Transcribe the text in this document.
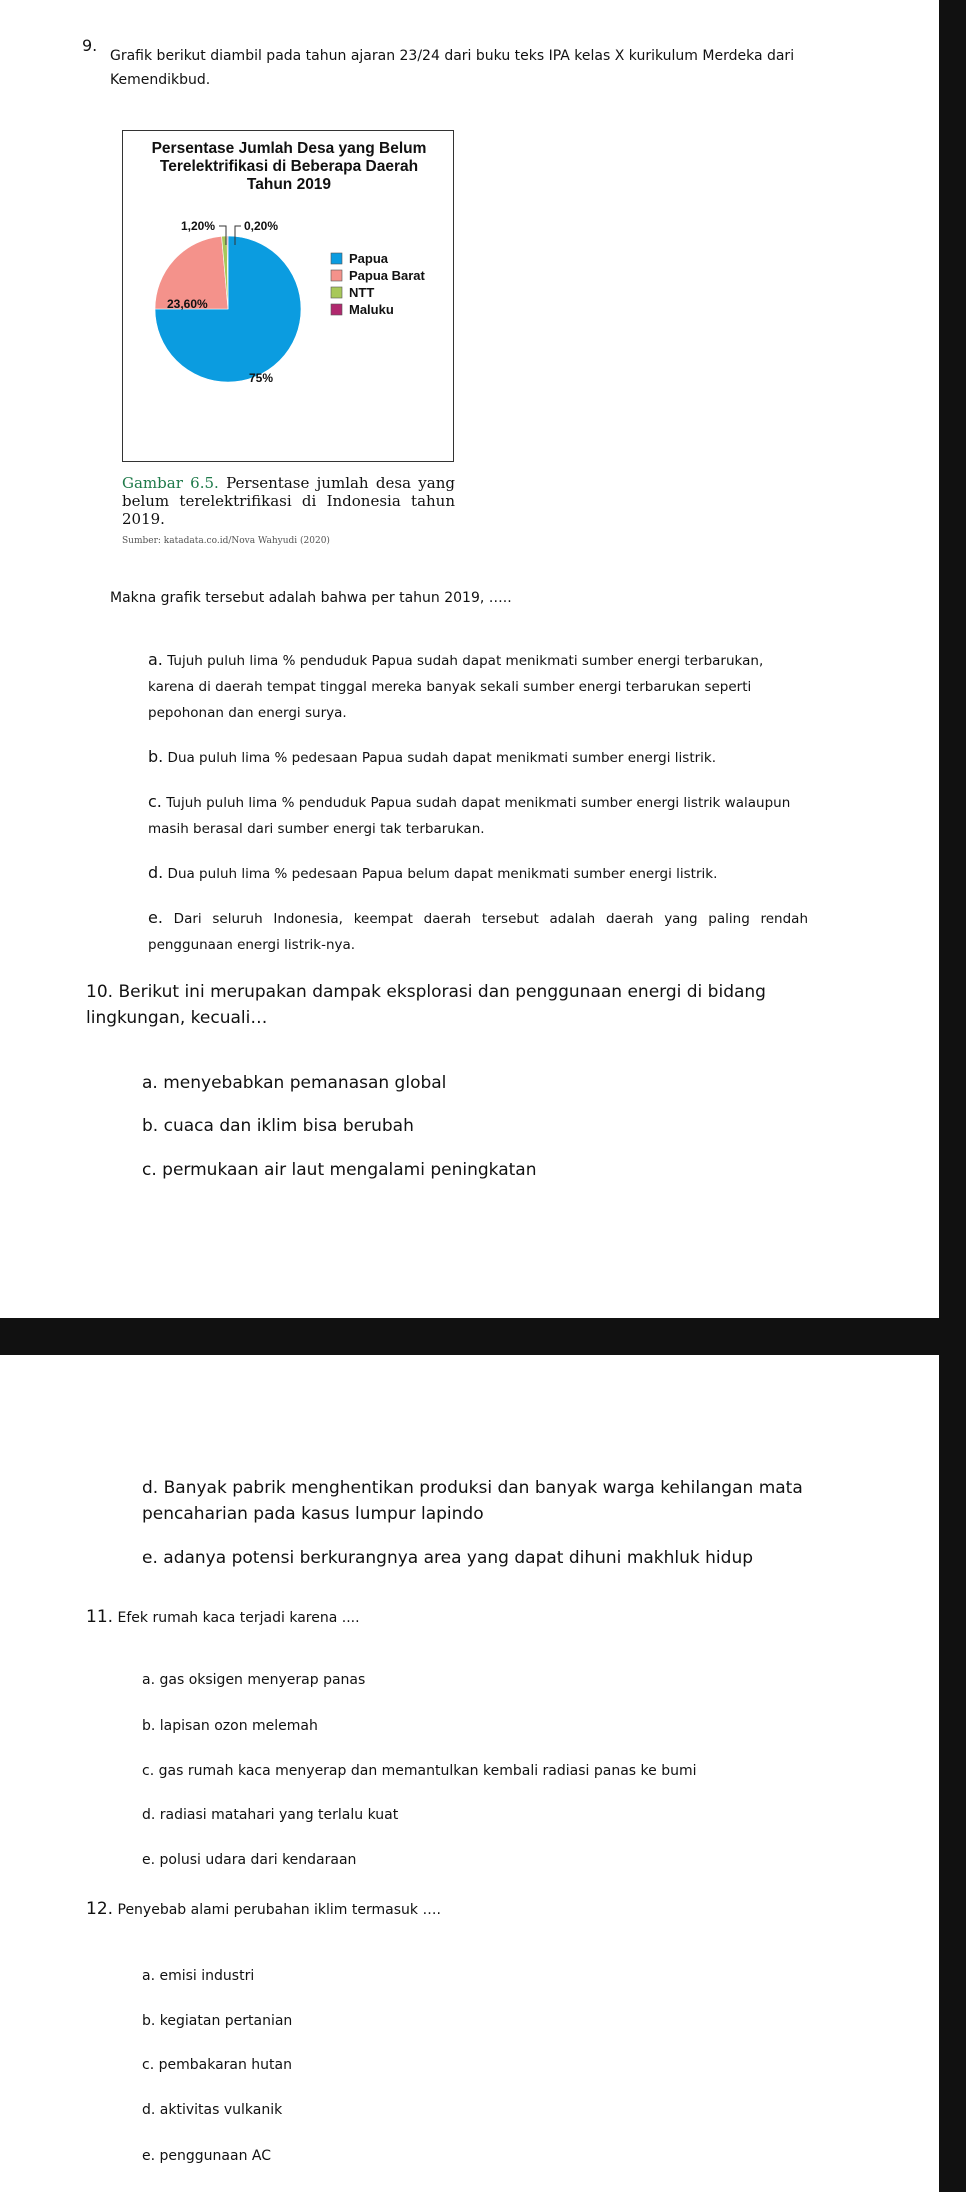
9.
Grafik berikut diambil pada tahun ajaran 23/24 dari buku teks IPA kelas X kurikulum Merdeka dari Kemendikbud.
Persentase Jumlah Desa yang Belum
Terelektrifikasi di Beberapa Daerah
Tahun 2019
1,20% 0,20%
23,60%
75%
Papua
Papua Barat
NTT
Maluku
Gambar 6.5. Persentase jumlah desa yang belum terelektrifikasi di Indonesia tahun 2019.
Sumber: katadata.co.id/Nova Wahyudi (2020)
Makna grafik tersebut adalah bahwa per tahun 2019, …..
a. Tujuh puluh lima % penduduk Papua sudah dapat menikmati sumber energi terbarukan, karena di daerah tempat tinggal mereka banyak sekali sumber energi terbarukan seperti pepohonan dan energi surya.
b. Dua puluh lima % pedesaan Papua sudah dapat menikmati sumber energi listrik.
c. Tujuh puluh lima % penduduk Papua sudah dapat menikmati sumber energi listrik walaupun masih berasal dari sumber energi tak terbarukan.
d. Dua puluh lima % pedesaan Papua belum dapat menikmati sumber energi listrik.
e. Dari seluruh Indonesia, keempat daerah tersebut adalah daerah yang paling rendah penggunaan energi listrik-nya.
10. Berikut ini merupakan dampak eksplorasi dan penggunaan energi di bidang lingkungan, kecuali…
a. menyebabkan pemanasan global
b. cuaca dan iklim bisa berubah
c. permukaan air laut mengalami peningkatan
d. Banyak pabrik menghentikan produksi dan banyak warga kehilangan mata pencaharian pada kasus lumpur lapindo
e. adanya potensi berkurangnya area yang dapat dihuni makhluk hidup
11. Efek rumah kaca terjadi karena ....
a. gas oksigen menyerap panas
b. lapisan ozon melemah
c. gas rumah kaca menyerap dan memantulkan kembali radiasi panas ke bumi
d. radiasi matahari yang terlalu kuat
e. polusi udara dari kendaraan
12. Penyebab alami perubahan iklim termasuk ….
a. emisi industri
b. kegiatan pertanian
c. pembakaran hutan
d. aktivitas vulkanik
e. penggunaan AC
